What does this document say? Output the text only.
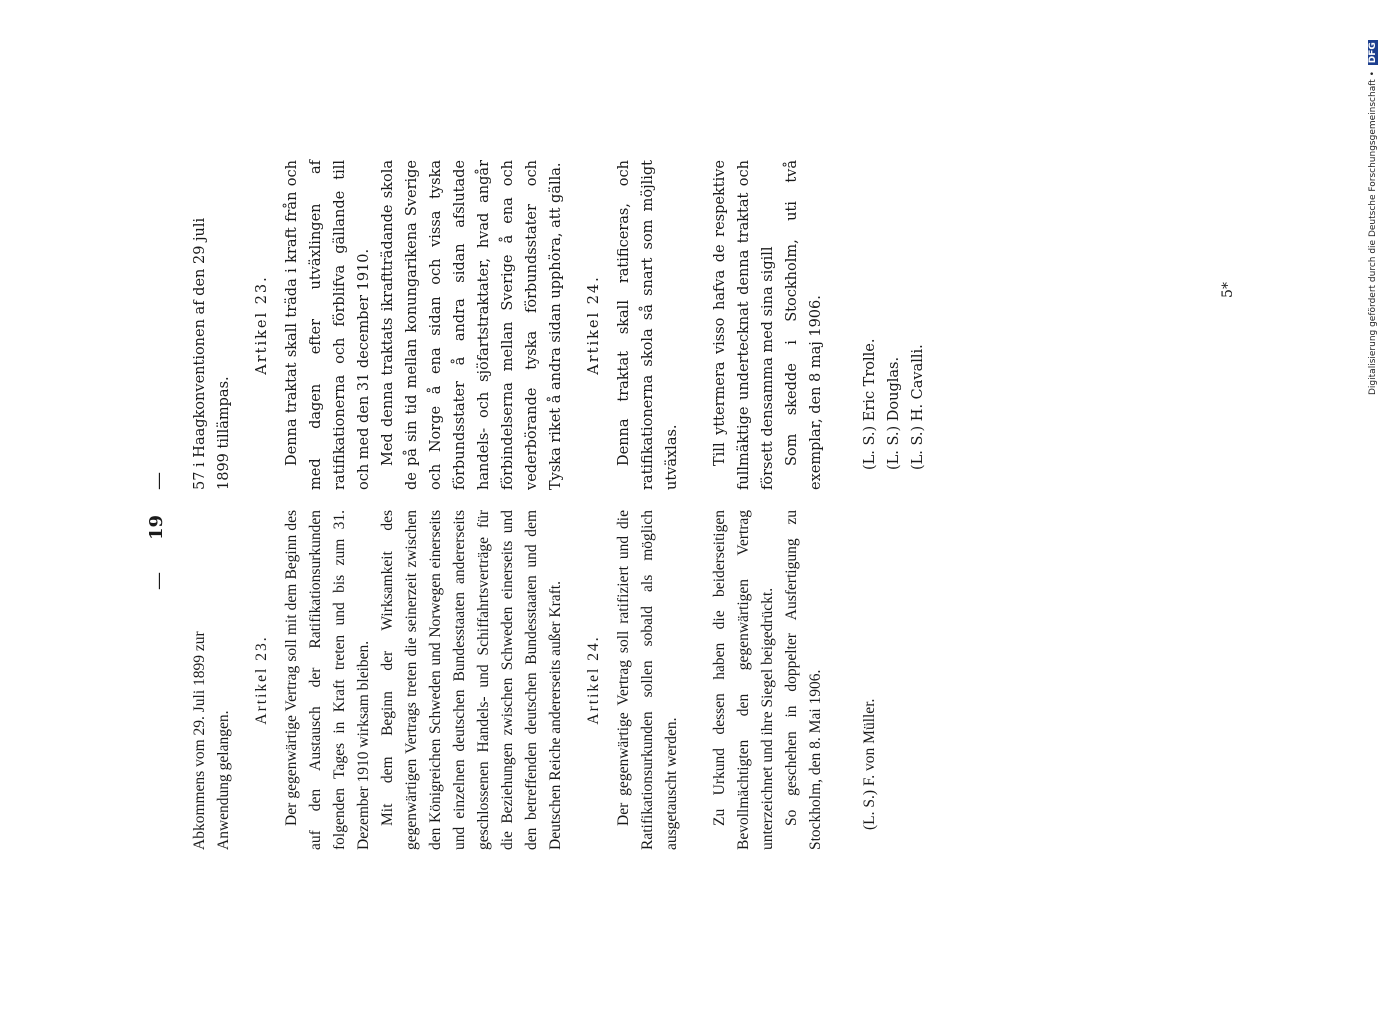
—
19
—

Abkommens vom 29. Juli 1899 zur Anwendung gelangen.

Artikel 23. Der gegenwärtige Vertrag soll mit dem Beginn des auf den Austausch der Ratifikationsurkunden folgenden Tages in Kraft treten und bis zum 31. Dezember 1910 wirksam bleiben. Mit dem Beginn der Wirksamkeit des gegenwärtigen Vertrags treten die seinerzeit zwischen den Königreichen Schweden und Norwegen einerseits und einzelnen deutschen Bundesstaaten andererseits geschlossenen Handels- und Schiffahrtsverträge für die Beziehungen zwischen Schweden einerseits und den betreffenden deutschen Bundesstaaten und dem Deutschen Reiche andererseits außer Kraft. Artikel 24. Der gegenwärtige Vertrag soll ratifiziert und die Ratifikationsurkunden sollen sobald als möglich ausgetauscht werden. Zu Urkund dessen haben die beiderseitigen Bevollmächtigten den gegenwärtigen Vertrag unterzeichnet und ihre Siegel beigedrückt. So geschehen in doppelter Ausfertigung zu Stockholm, den 8. Mai 1906. (L. S.) F. von Müller.

57 i Haagkonventionen af den 29 juli 1899 tillämpas.

Artikel 23. Denna traktat skall träda i kraft från och med dagen efter utväxlingen af ratifikationerna och förblifva gällande till och med den 31 december 1910. Med denna traktats ikraftträdande skola de på sin tid mellan konungarikena Sverige och Norge å ena sidan och vissa tyska förbundsstater å andra sidan afslutade handels- och sjöfartstraktater, hvad angår förbindelserna mellan Sverige å ena och vederbörande tyska förbundsstater och Tyska riket å andra sidan upphöra, att gälla. Artikel 24. Denna traktat skall ratificeras, och ratifikationerna skola så snart som möjligt utväxlas. Till yttermera visso hafva de respektive fullmäktige undertecknat denna traktat och försett densamma med sina sigill Som skedde i Stockholm, uti två exemplar, den 8 maj 1906.	(L. S.) Eric Trolle.
(L. S.) Douglas.
(L. S.) H. Cavalli.
5*	Digitalisierung gefördert durch die Deutsche Forschungsgemeinschaft • DFG
